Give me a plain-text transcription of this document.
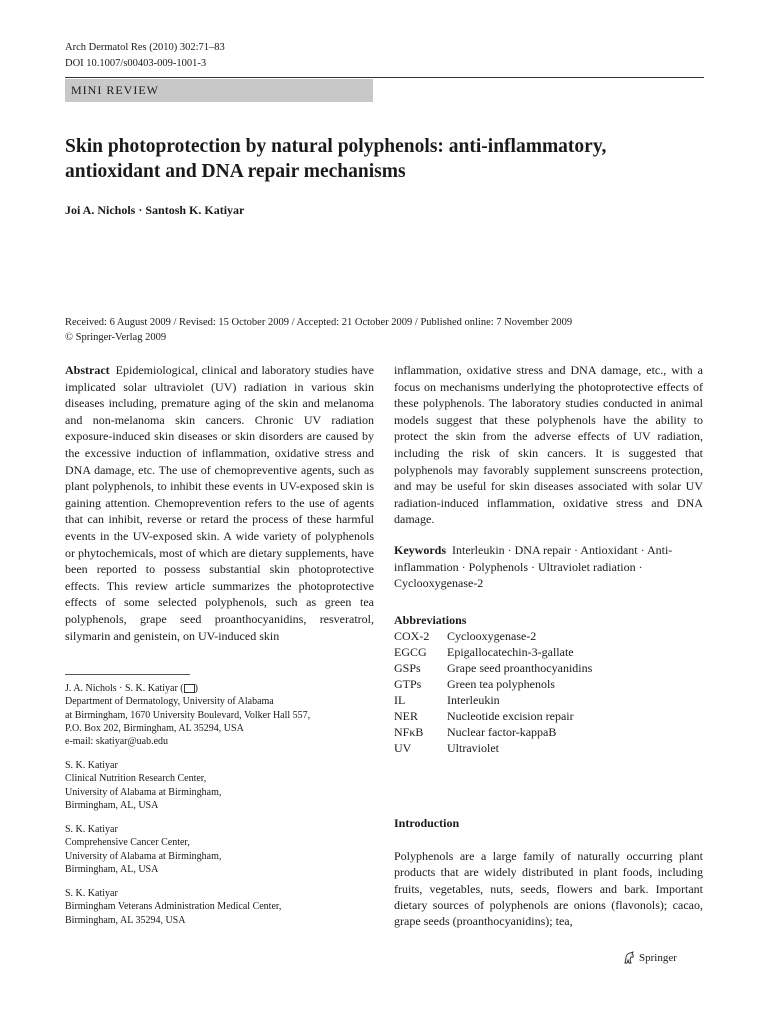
Arch Dermatol Res (2010) 302:71–83
DOI 10.1007/s00403-009-1001-3
MINI REVIEW
Skin photoprotection by natural polyphenols: anti-inflammatory, antioxidant and DNA repair mechanisms
Joi A. Nichols · Santosh K. Katiyar
Received: 6 August 2009 / Revised: 15 October 2009 / Accepted: 21 October 2009 / Published online: 7 November 2009
© Springer-Verlag 2009
Abstract Epidemiological, clinical and laboratory studies have implicated solar ultraviolet (UV) radiation in various skin diseases including, premature aging of the skin and melanoma and non-melanoma skin cancers. Chronic UV radiation exposure-induced skin diseases or skin disorders are caused by the excessive induction of inflammation, oxidative stress and DNA damage, etc. The use of chemopreventive agents, such as plant polyphenols, to inhibit these events in UV-exposed skin is gaining attention. Chemoprevention refers to the use of agents that can inhibit, reverse or retard the process of these harmful events in the UV-exposed skin. A wide variety of polyphenols or phytochemicals, most of which are dietary supplements, have been reported to possess substantial skin photoprotective effects. This review article summarizes the photoprotective effects of some selected polyphenols, such as green tea polyphenols, grape seed proanthocyanidins, resveratrol, silymarin and genistein, on UV-induced skin
inflammation, oxidative stress and DNA damage, etc., with a focus on mechanisms underlying the photoprotective effects of these polyphenols. The laboratory studies conducted in animal models suggest that these polyphenols have the ability to protect the skin from the adverse effects of UV radiation, including the risk of skin cancers. It is suggested that polyphenols may favorably supplement sunscreens protection, and may be useful for skin diseases associated with solar UV radiation-induced inflammation, oxidative stress and DNA damage.
Keywords Interleukin · DNA repair · Antioxidant · Anti-inflammation · Polyphenols · Ultraviolet radiation · Cyclooxygenase-2
Abbreviations
COX-2	Cyclooxygenase-2
EGCG	Epigallocatechin-3-gallate
GSPs	Grape seed proanthocyanidins
GTPs	Green tea polyphenols
IL	Interleukin
NER	Nucleotide excision repair
NFκB	Nuclear factor-kappaB
UV	Ultraviolet
J. A. Nichols · S. K. Katiyar ( )
Department of Dermatology, University of Alabama
at Birmingham, 1670 University Boulevard, Volker Hall 557,
P.O. Box 202, Birmingham, AL 35294, USA
e-mail: skatiyar@uab.edu
S. K. Katiyar
Clinical Nutrition Research Center,
University of Alabama at Birmingham,
Birmingham, AL, USA
S. K. Katiyar
Comprehensive Cancer Center,
University of Alabama at Birmingham,
Birmingham, AL, USA
S. K. Katiyar
Birmingham Veterans Administration Medical Center,
Birmingham, AL 35294, USA
Introduction
Polyphenols are a large family of naturally occurring plant products that are widely distributed in plant foods, including fruits, vegetables, nuts, seeds, flowers and bark. Important dietary sources of polyphenols are onions (flavonols); cacao, grape seeds (proanthocyanidins); tea,
Springer
